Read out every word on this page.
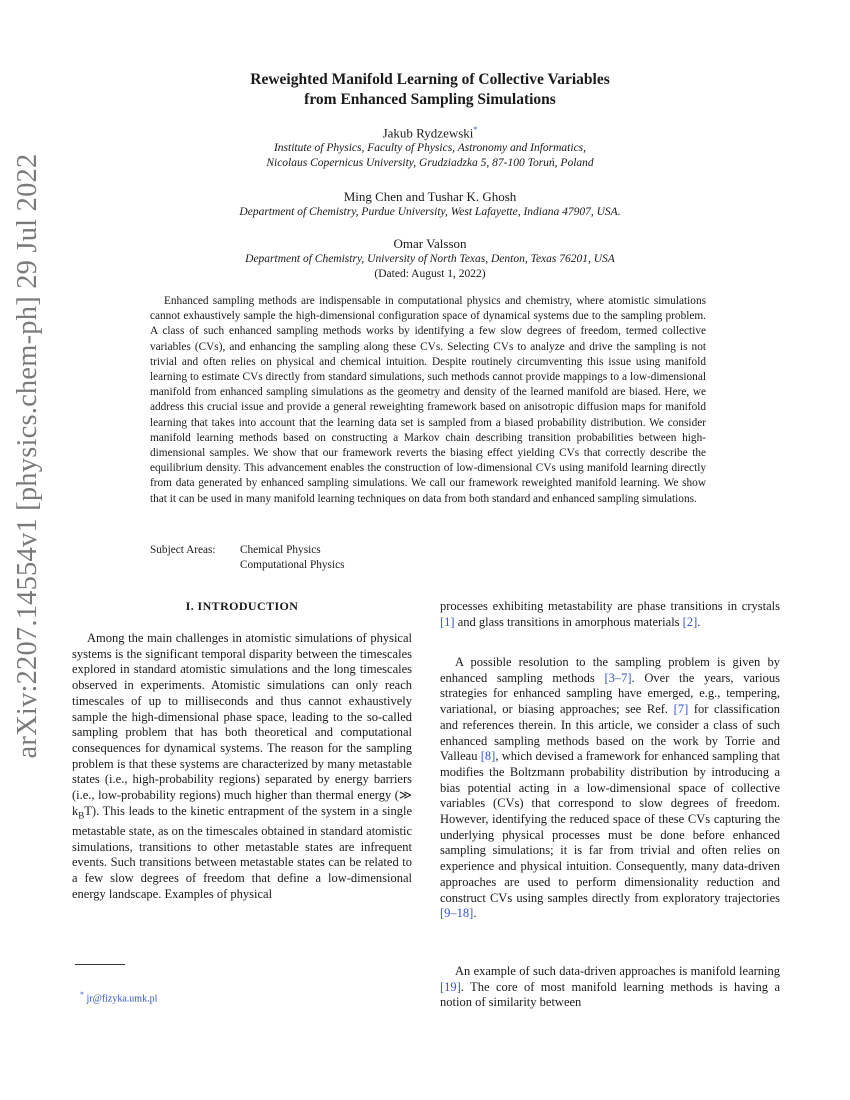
arXiv:2207.14554v1 [physics.chem-ph] 29 Jul 2022
Reweighted Manifold Learning of Collective Variables
from Enhanced Sampling Simulations
Jakub Rydzewski*
Institute of Physics, Faculty of Physics, Astronomy and Informatics,
Nicolaus Copernicus University, Grudziadzka 5, 87-100 Toruń, Poland
Ming Chen and Tushar K. Ghosh
Department of Chemistry, Purdue University, West Lafayette, Indiana 47907, USA.
Omar Valsson
Department of Chemistry, University of North Texas, Denton, Texas 76201, USA
(Dated: August 1, 2022)

Enhanced sampling methods are indispensable in computational physics and chemistry, where atomistic simulations cannot exhaustively sample the high-dimensional configuration space of dynamical systems due to the sampling problem. A class of such enhanced sampling methods works by identifying a few slow degrees of freedom, termed collective variables (CVs), and enhancing the sampling along these CVs. Selecting CVs to analyze and drive the sampling is not trivial and often relies on physical and chemical intuition. Despite routinely circumventing this issue using manifold learning to estimate CVs directly from standard simulations, such methods cannot provide mappings to a low-dimensional manifold from enhanced sampling simulations as the geometry and density of the learned manifold are biased. Here, we address this crucial issue and provide a general reweighting framework based on anisotropic diffusion maps for manifold learning that takes into account that the learning data set is sampled from a biased probability distribution. We consider manifold learning methods based on constructing a Markov chain describing transition probabilities between high-dimensional samples. We show that our framework reverts the biasing effect yielding CVs that correctly describe the equilibrium density. This advancement enables the construction of low-dimensional CVs using manifold learning directly from data generated by enhanced sampling simulations. We call our framework reweighted manifold learning. We show that it can be used in many manifold learning techniques on data from both standard and enhanced sampling simulations.

Subject Areas: Chemical Physics
Computational Physics
I. INTRODUCTION

Among the main challenges in atomistic simulations of physical systems is the significant temporal disparity between the timescales explored in standard atomistic simulations and the long timescales observed in experiments. Atomistic simulations can only reach timescales of up to milliseconds and thus cannot exhaustively sample the high-dimensional phase space, leading to the so-called sampling problem that has both theoretical and computational consequences for dynamical systems. The reason for the sampling problem is that these systems are characterized by many metastable states (i.e., high-probability regions) separated by energy barriers (i.e., low-probability regions) much higher than thermal energy (≫ $k_BT$). This leads to the kinetic entrapment of the system in a single metastable state, as on the timescales obtained in standard atomistic simulations, transitions to other metastable states are infrequent events. Such transitions between metastable states can be related to a few slow degrees of freedom that define a low-dimensional energy landscape. Examples of physical

processes exhibiting metastability are phase transitions in crystals [1] and glass transitions in amorphous materials [2].

A possible resolution to the sampling problem is given by enhanced sampling methods [3–7]. Over the years, various strategies for enhanced sampling have emerged, e.g., tempering, variational, or biasing approaches; see Ref. [7] for classification and references therein. In this article, we consider a class of such enhanced sampling methods based on the work by Torrie and Valleau [8], which devised a framework for enhanced sampling that modifies the Boltzmann probability distribution by introducing a bias potential acting in a low-dimensional space of collective variables (CVs) that correspond to slow degrees of freedom. However, identifying the reduced space of these CVs capturing the underlying physical processes must be done before enhanced sampling simulations; it is far from trivial and often relies on experience and physical intuition. Consequently, many data-driven approaches are used to perform dimensionality reduction and construct CVs using samples directly from exploratory trajectories [9–18].

An example of such data-driven approaches is manifold learning [19]. The core of most manifold learning methods is having a notion of similarity between

* jr@fizyka.umk.pl
